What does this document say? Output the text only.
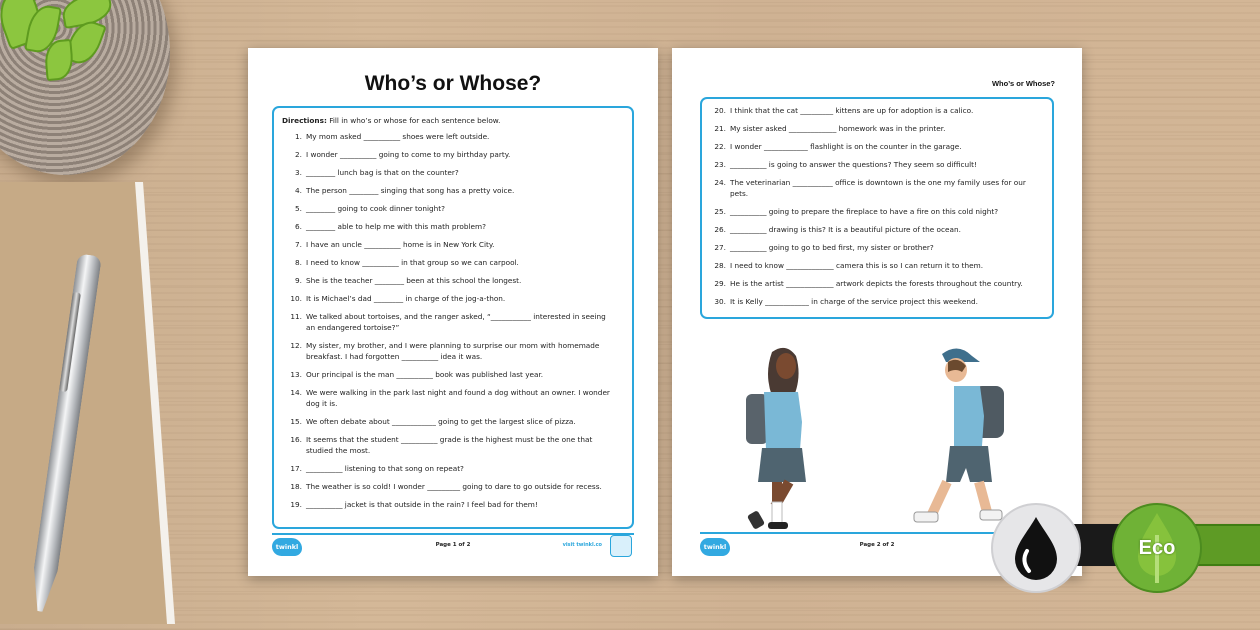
Who’s or Whose?
Directions: Fill in who’s or whose for each sentence below.
1. My mom asked __________ shoes were left outside.
2. I wonder __________ going to come to my birthday party.
3. ________ lunch bag is that on the counter?
4. The person ________ singing that song has a pretty voice.
5. ________ going to cook dinner tonight?
6. ________ able to help me with this math problem?
7. I have an uncle __________ home is in New York City.
8. I need to know __________ in that group so we can carpool.
9. She is the teacher ________ been at this school the longest.
10. It is Michael’s dad ________ in charge of the jog-a-thon.
11. We talked about tortoises, and the ranger asked, “___________ interested in seeing an endangered tortoise?”
12. My sister, my brother, and I were planning to surprise our mom with homemade breakfast. I had forgotten __________ idea it was.
13. Our principal is the man __________ book was published last year.
14. We were walking in the park last night and found a dog without an owner. I wonder dog it is.
15. We often debate about ____________ going to get the largest slice of pizza.
16. It seems that the student __________ grade is the highest must be the one that studied the most.
17. __________ listening to that song on repeat?
18. The weather is so cold! I wonder _________ going to dare to go outside for recess.
19. __________ jacket is that outside in the rain? I feel bad for them!
twinkl	Page 1 of 2	visit twinkl.co
Who’s or Whose?
20. I think that the cat _________ kittens are up for adoption is a calico.
21. My sister asked _____________ homework was in the printer.
22. I wonder ____________ flashlight is on the counter in the garage.
23. __________ is going to answer the questions? They seem so difficult!
24. The veterinarian ___________ office is downtown is the one my family uses for our pets.
25. __________ going to prepare the fireplace to have a fire on this cold night?
26. __________ drawing is this? It is a beautiful picture of the ocean.
27. __________ going to go to bed first, my sister or brother?
28. I need to know _____________ camera this is so I can return it to them.
29. He is the artist _____________ artwork depicts the forests throughout the country.
30. It is Kelly ____________ in charge of the service project this weekend.
twinkl	Page 2 of 2	Eco
